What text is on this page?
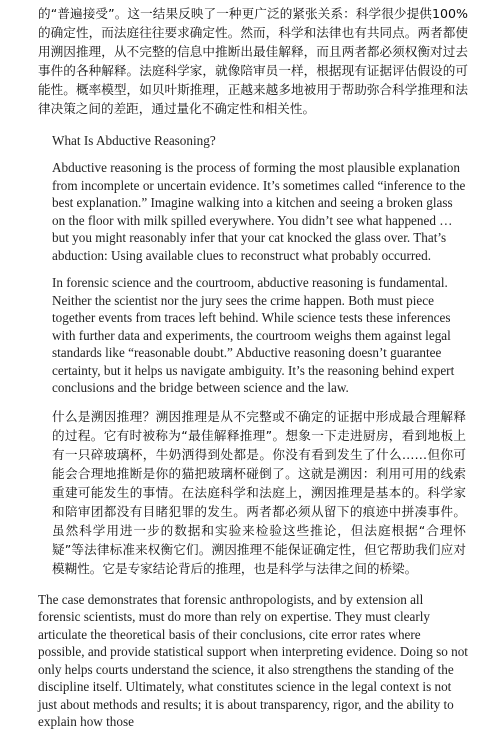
的“普遍接受”。这一结果反映了一种更广泛的紧张关系：科学很少提供100%的确定性，而法庭往往要求确定性。然而，科学和法律也有共同点。两者都使用溯因推理，从不完整的信息中推断出最佳解释，而且两者都必须权衡对过去事件的各种解释。法庭科学家，就像陪审员一样，根据现有证据评估假设的可能性。概率模型，如贝叶斯推理，正越来越多地被用于帮助弥合科学推理和法律决策之间的差距，通过量化不确定性和相关性。

What Is Abductive Reasoning?

Abductive reasoning is the process of forming the most plausible explanation from incomplete or uncertain evidence. It’s sometimes called “inference to the best explanation.” Imagine walking into a kitchen and seeing a broken glass on the floor with milk spilled everywhere. You didn’t see what happened … but you might reasonably infer that your cat knocked the glass over. That’s abduction: Using available clues to reconstruct what probably occurred.

In forensic science and the courtroom, abductive reasoning is fundamental. Neither the scientist nor the jury sees the crime happen. Both must piece together events from traces left behind. While science tests these inferences with further data and experiments, the courtroom weighs them against legal standards like “reasonable doubt.” Abductive reasoning doesn’t guarantee certainty, but it helps us navigate ambiguity. It’s the reasoning behind expert conclusions and the bridge between science and the law.

什么是溯因推理？溯因推理是从不完整或不确定的证据中形成最合理解释的过程。它有时被称为“最佳解释推理”。想象一下走进厨房，看到地板上有一只碎玻璃杯，牛奶洒得到处都是。你没有看到发生了什么……但你可能会合理地推断是你的猫把玻璃杯碰倒了。这就是溯因：利用可用的线索重建可能发生的事情。在法庭科学和法庭上，溯因推理是基本的。科学家和陪审团都没有目睹犯罪的发生。两者都必须从留下的痕迹中拼凑事件。虽然科学用进一步的数据和实验来检验这些推论，但法庭根据“合理怀疑”等法律标准来权衡它们。溯因推理不能保证确定性，但它帮助我们应对模糊性。它是专家结论背后的推理，也是科学与法律之间的桥梁。

The case demonstrates that forensic anthropologists, and by extension all forensic scientists, must do more than rely on expertise. They must clearly articulate the theoretical basis of their conclusions, cite error rates where possible, and provide statistical support when interpreting evidence. Doing so not only helps courts understand the science, it also strengthens the standing of the discipline itself. Ultimately, what constitutes science in the legal context is not just about methods and results; it is about transparency, rigor, and the ability to explain how those
